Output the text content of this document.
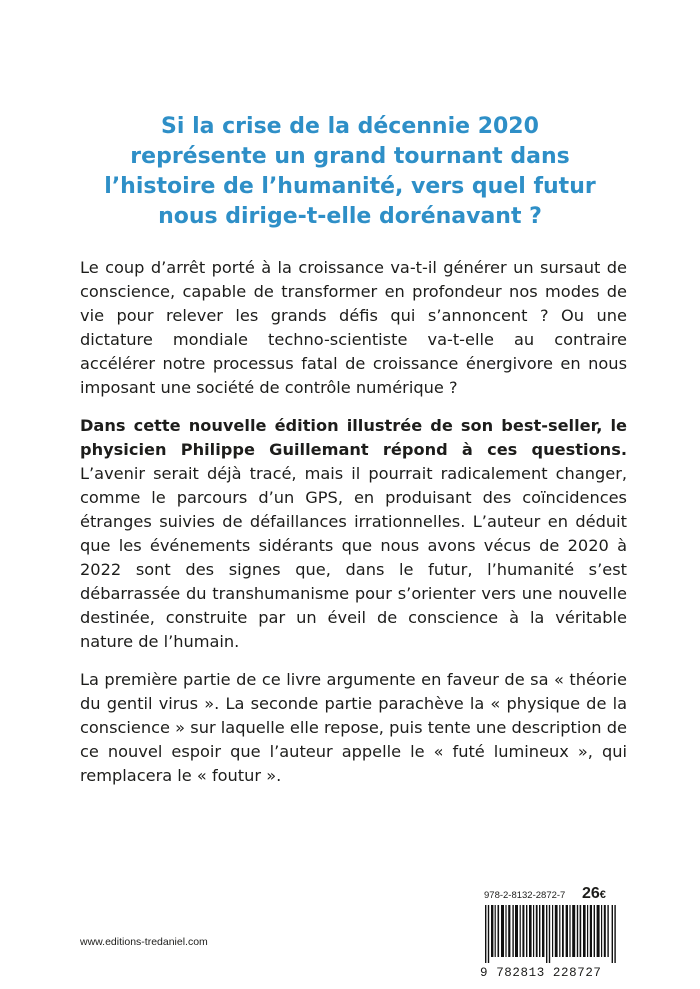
Si la crise de la décennie 2020
représente un grand tournant dans
l’histoire de l’humanité, vers quel futur
nous dirige-t-elle dorénavant ?

Le coup d’arrêt porté à la croissance va-t-il générer un sursaut de conscience, capable de transformer en profondeur nos modes de vie pour relever les grands défis qui s’annoncent ? Ou une dictature mondiale techno-scientiste va-t-elle au contraire accélérer notre processus fatal de croissance énergivore en nous imposant une société de contrôle numérique ?

Dans cette nouvelle édition illustrée de son best-seller, le physicien Philippe Guillemant répond à ces questions. L’avenir serait déjà tracé, mais il pourrait radicalement changer, comme le parcours d’un GPS, en produisant des coïncidences étranges suivies de défaillances irrationnelles. L’auteur en déduit que les événements sidérants que nous avons vécus de 2020 à 2022 sont des signes que, dans le futur, l’humanité s’est débarrassée du transhumanisme pour s’orienter vers une nouvelle destinée, construite par un éveil de conscience à la véritable nature de l’humain.

La première partie de ce livre argumente en faveur de sa « théorie du gentil virus ». La seconde partie parachève la « physique de la conscience » sur laquelle elle repose, puis tente une description de ce nouvel espoir que l’auteur appelle le « futé lumineux », qui remplacera le « foutur ».

www.editions-tredaniel.com
978-2-8132-2872-7	26€
9 782813 228727
